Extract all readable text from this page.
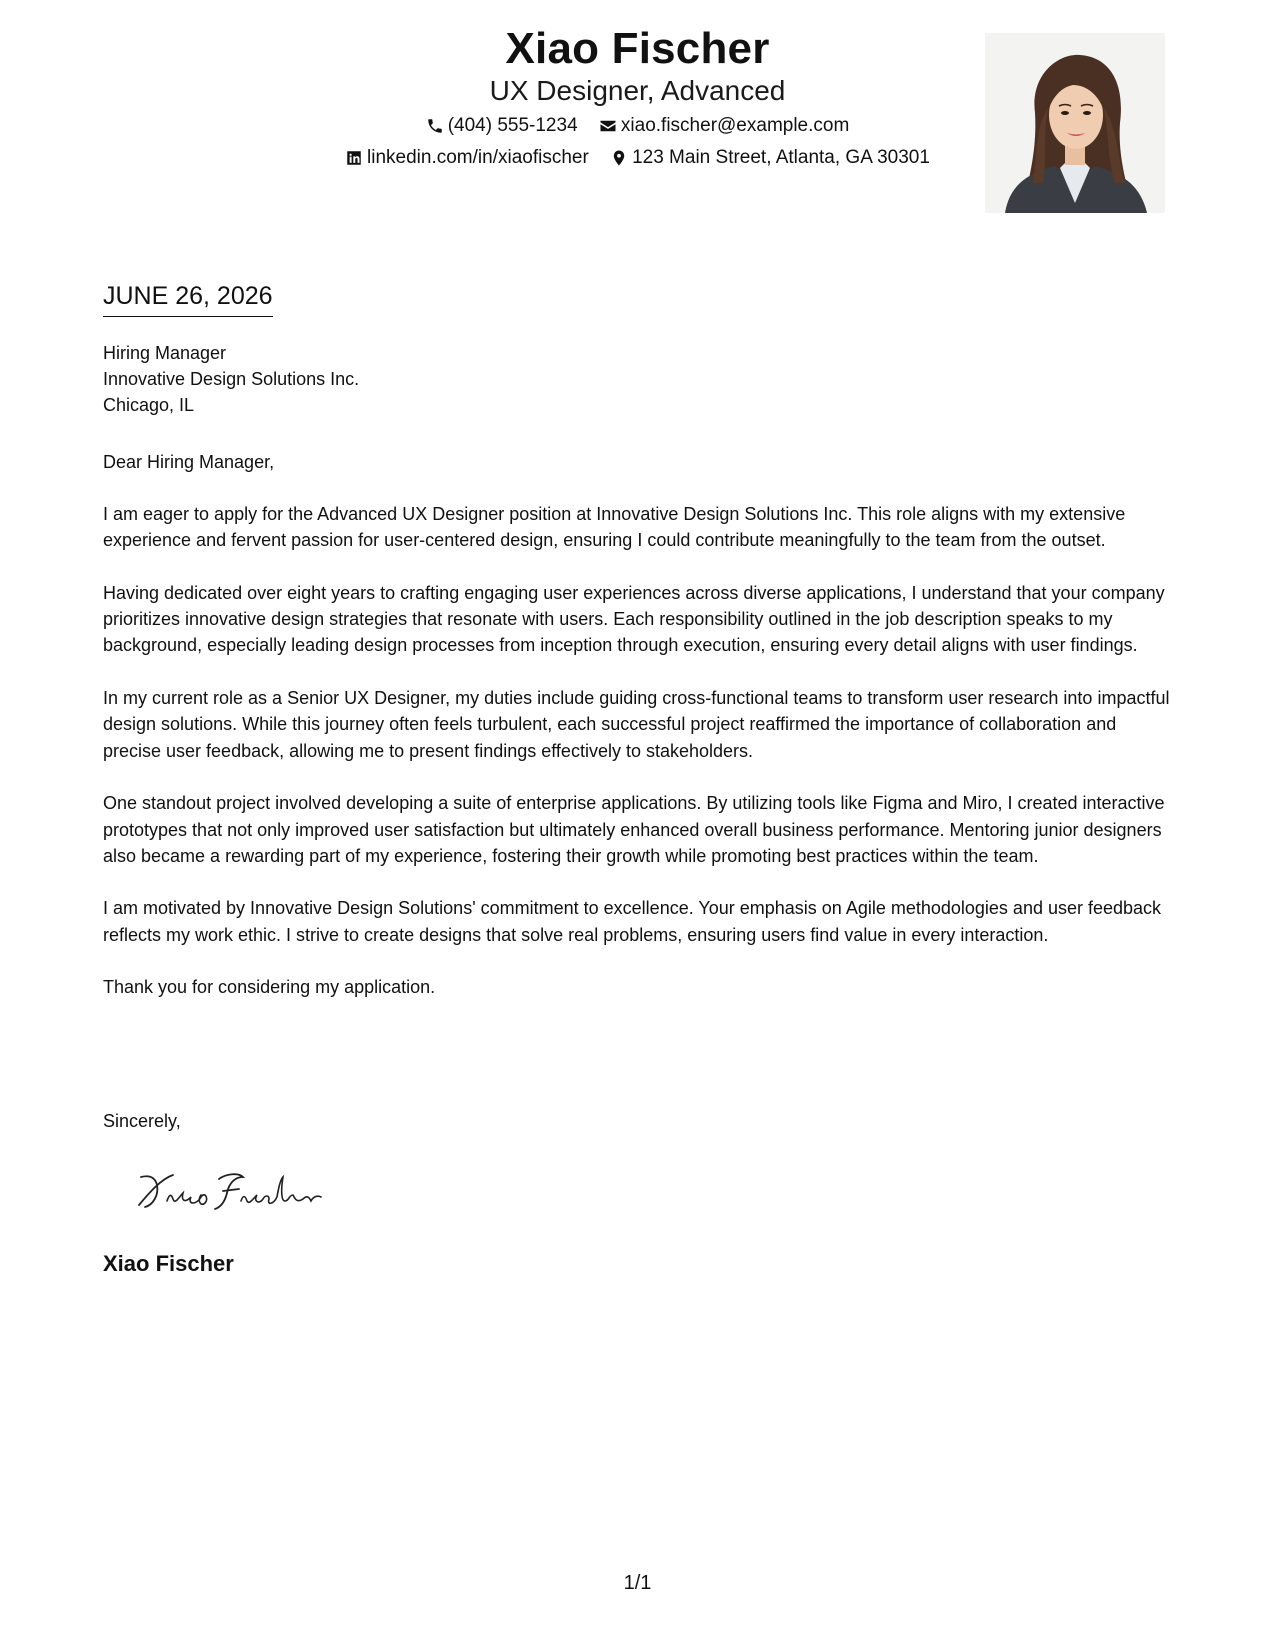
Xiao Fischer
UX Designer, Advanced
(404) 555-1234
xiao.fischer@example.com
linkedin.com/in/xiaofischer
123 Main Street, Atlanta, GA 30301
JUNE 26, 2026
Hiring Manager
Innovative Design Solutions Inc.
Chicago, IL
Dear Hiring Manager,

I am eager to apply for the Advanced UX Designer position at Innovative Design Solutions Inc. This role aligns with my extensive experience and fervent passion for user-centered design, ensuring I could contribute meaningfully to the team from the outset.

Having dedicated over eight years to crafting engaging user experiences across diverse applications, I understand that your company prioritizes innovative design strategies that resonate with users. Each responsibility outlined in the job description speaks to my background, especially leading design processes from inception through execution, ensuring every detail aligns with user findings.

In my current role as a Senior UX Designer, my duties include guiding cross-functional teams to transform user research into impactful design solutions. While this journey often feels turbulent, each successful project reaffirmed the importance of collaboration and precise user feedback, allowing me to present findings effectively to stakeholders.

One standout project involved developing a suite of enterprise applications. By utilizing tools like Figma and Miro, I created interactive prototypes that not only improved user satisfaction but ultimately enhanced overall business performance. Mentoring junior designers also became a rewarding part of my experience, fostering their growth while promoting best practices within the team.

I am motivated by Innovative Design Solutions' commitment to excellence. Your emphasis on Agile methodologies and user feedback reflects my work ethic. I strive to create designs that solve real problems, ensuring users find value in every interaction.

Thank you for considering my application.

Sincerely,
Xiao Fischer
1/1
